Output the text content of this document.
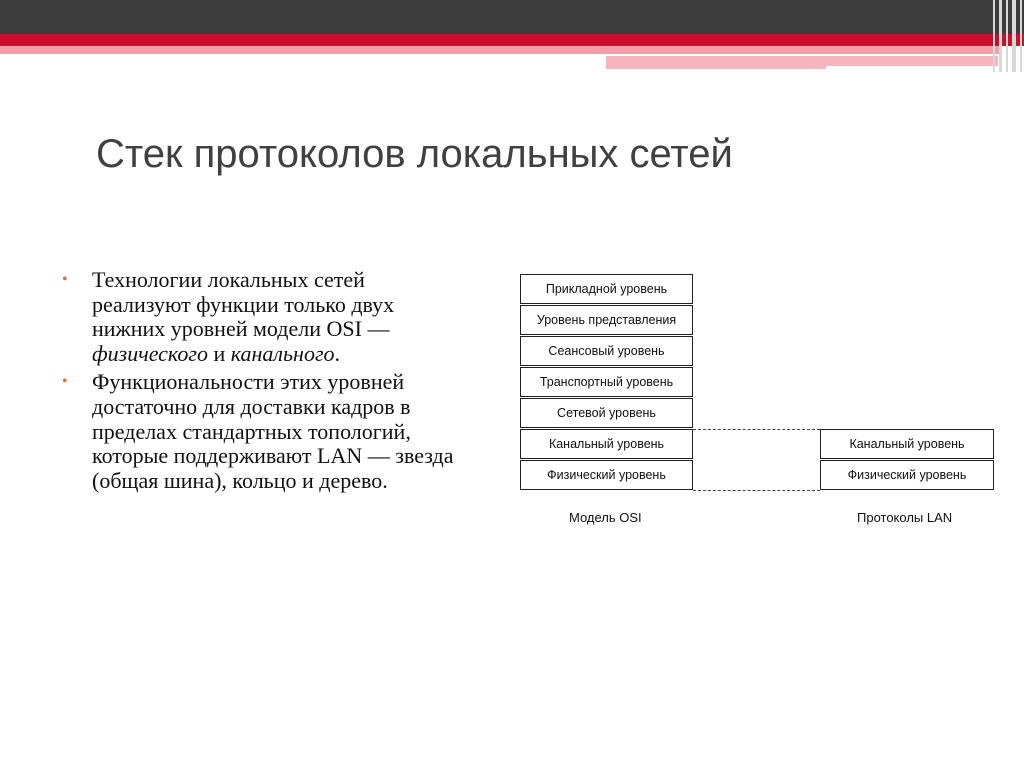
Стек протоколов локальных сетей
• Технологии локальных сетей реализуют функции только двух нижних уровней модели OSI — физического и канального.
• Функциональности этих уровней достаточно для доставки кадров в пределах стандартных топологий, которые поддерживают LAN — звезда (общая шина), кольцо и дерево.
Прикладной уровень
Уровень представления
Сеансовый уровень
Транспортный уровень
Сетевой уровень
Канальный уровень
Физический уровень
Канальный уровень
Физический уровень
Модель OSI	Протоколы LAN
